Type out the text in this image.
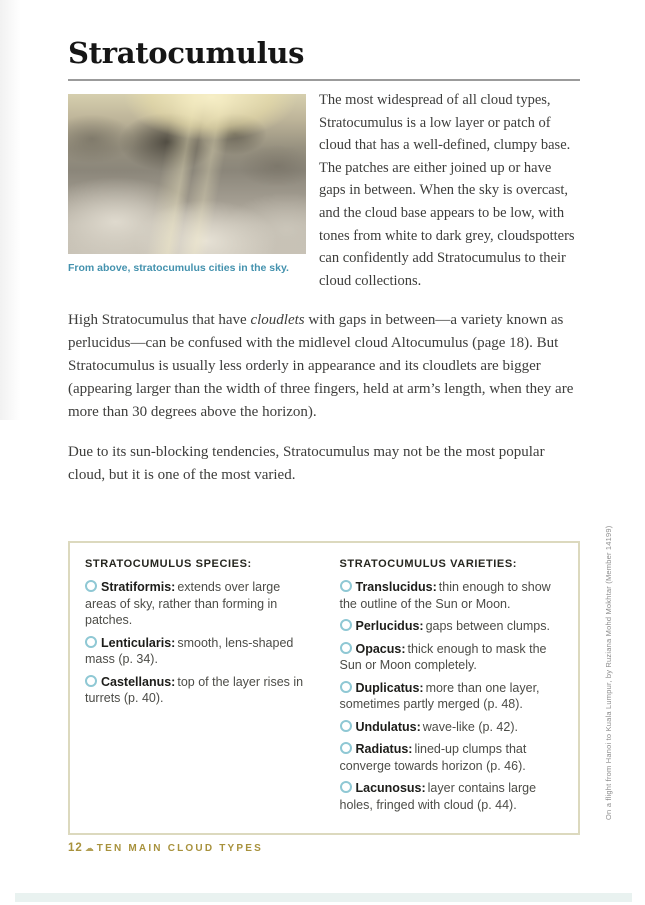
Stratocumulus
From above, stratocumulus cities in the sky.

The most widespread of all cloud types, Stratocumulus is a low layer or patch of cloud that has a well-defined, clumpy base. The patches are either joined up or have gaps in between. When the sky is overcast, and the cloud base appears to be low, with tones from white to dark grey, cloudspotters can confidently add Stratocumulus to their cloud collections.

High Stratocumulus that have cloudlets with gaps in between—a variety known as perlucidus—can be confused with the midlevel cloud Altocumulus (page 18). But Stratocumulus is usually less orderly in appearance and its cloudlets are bigger (appearing larger than the width of three fingers, held at arm’s length, when they are more than 30 degrees above the horizon).

Due to its sun-blocking tendencies, Stratocumulus may not be the most popular cloud, but it is one of the most varied.

STRATOCUMULUS SPECIES:

Stratiformis: extends over large areas of sky, rather than forming in patches.

Lenticularis: smooth, lens-shaped mass (p. 34).

Castellanus: top of the layer rises in turrets (p. 40).

STRATOCUMULUS VARIETIES:

Translucidus: thin enough to show the outline of the Sun or Moon.

Perlucidus: gaps between clumps.

Opacus: thick enough to mask the Sun or Moon completely.

Duplicatus: more than one layer, sometimes partly merged (p. 48).

Undulatus: wave-like (p. 42).

Radiatus: lined-up clumps that converge towards horizon (p. 46).

Lacunosus: layer contains large holes, fringed with cloud (p. 44).

12 ☁ TEN MAIN CLOUD TYPES
On a flight from Hanoi to Kuala Lumpur, by Ruziana Mohd Mokhtar (Member 14199)
